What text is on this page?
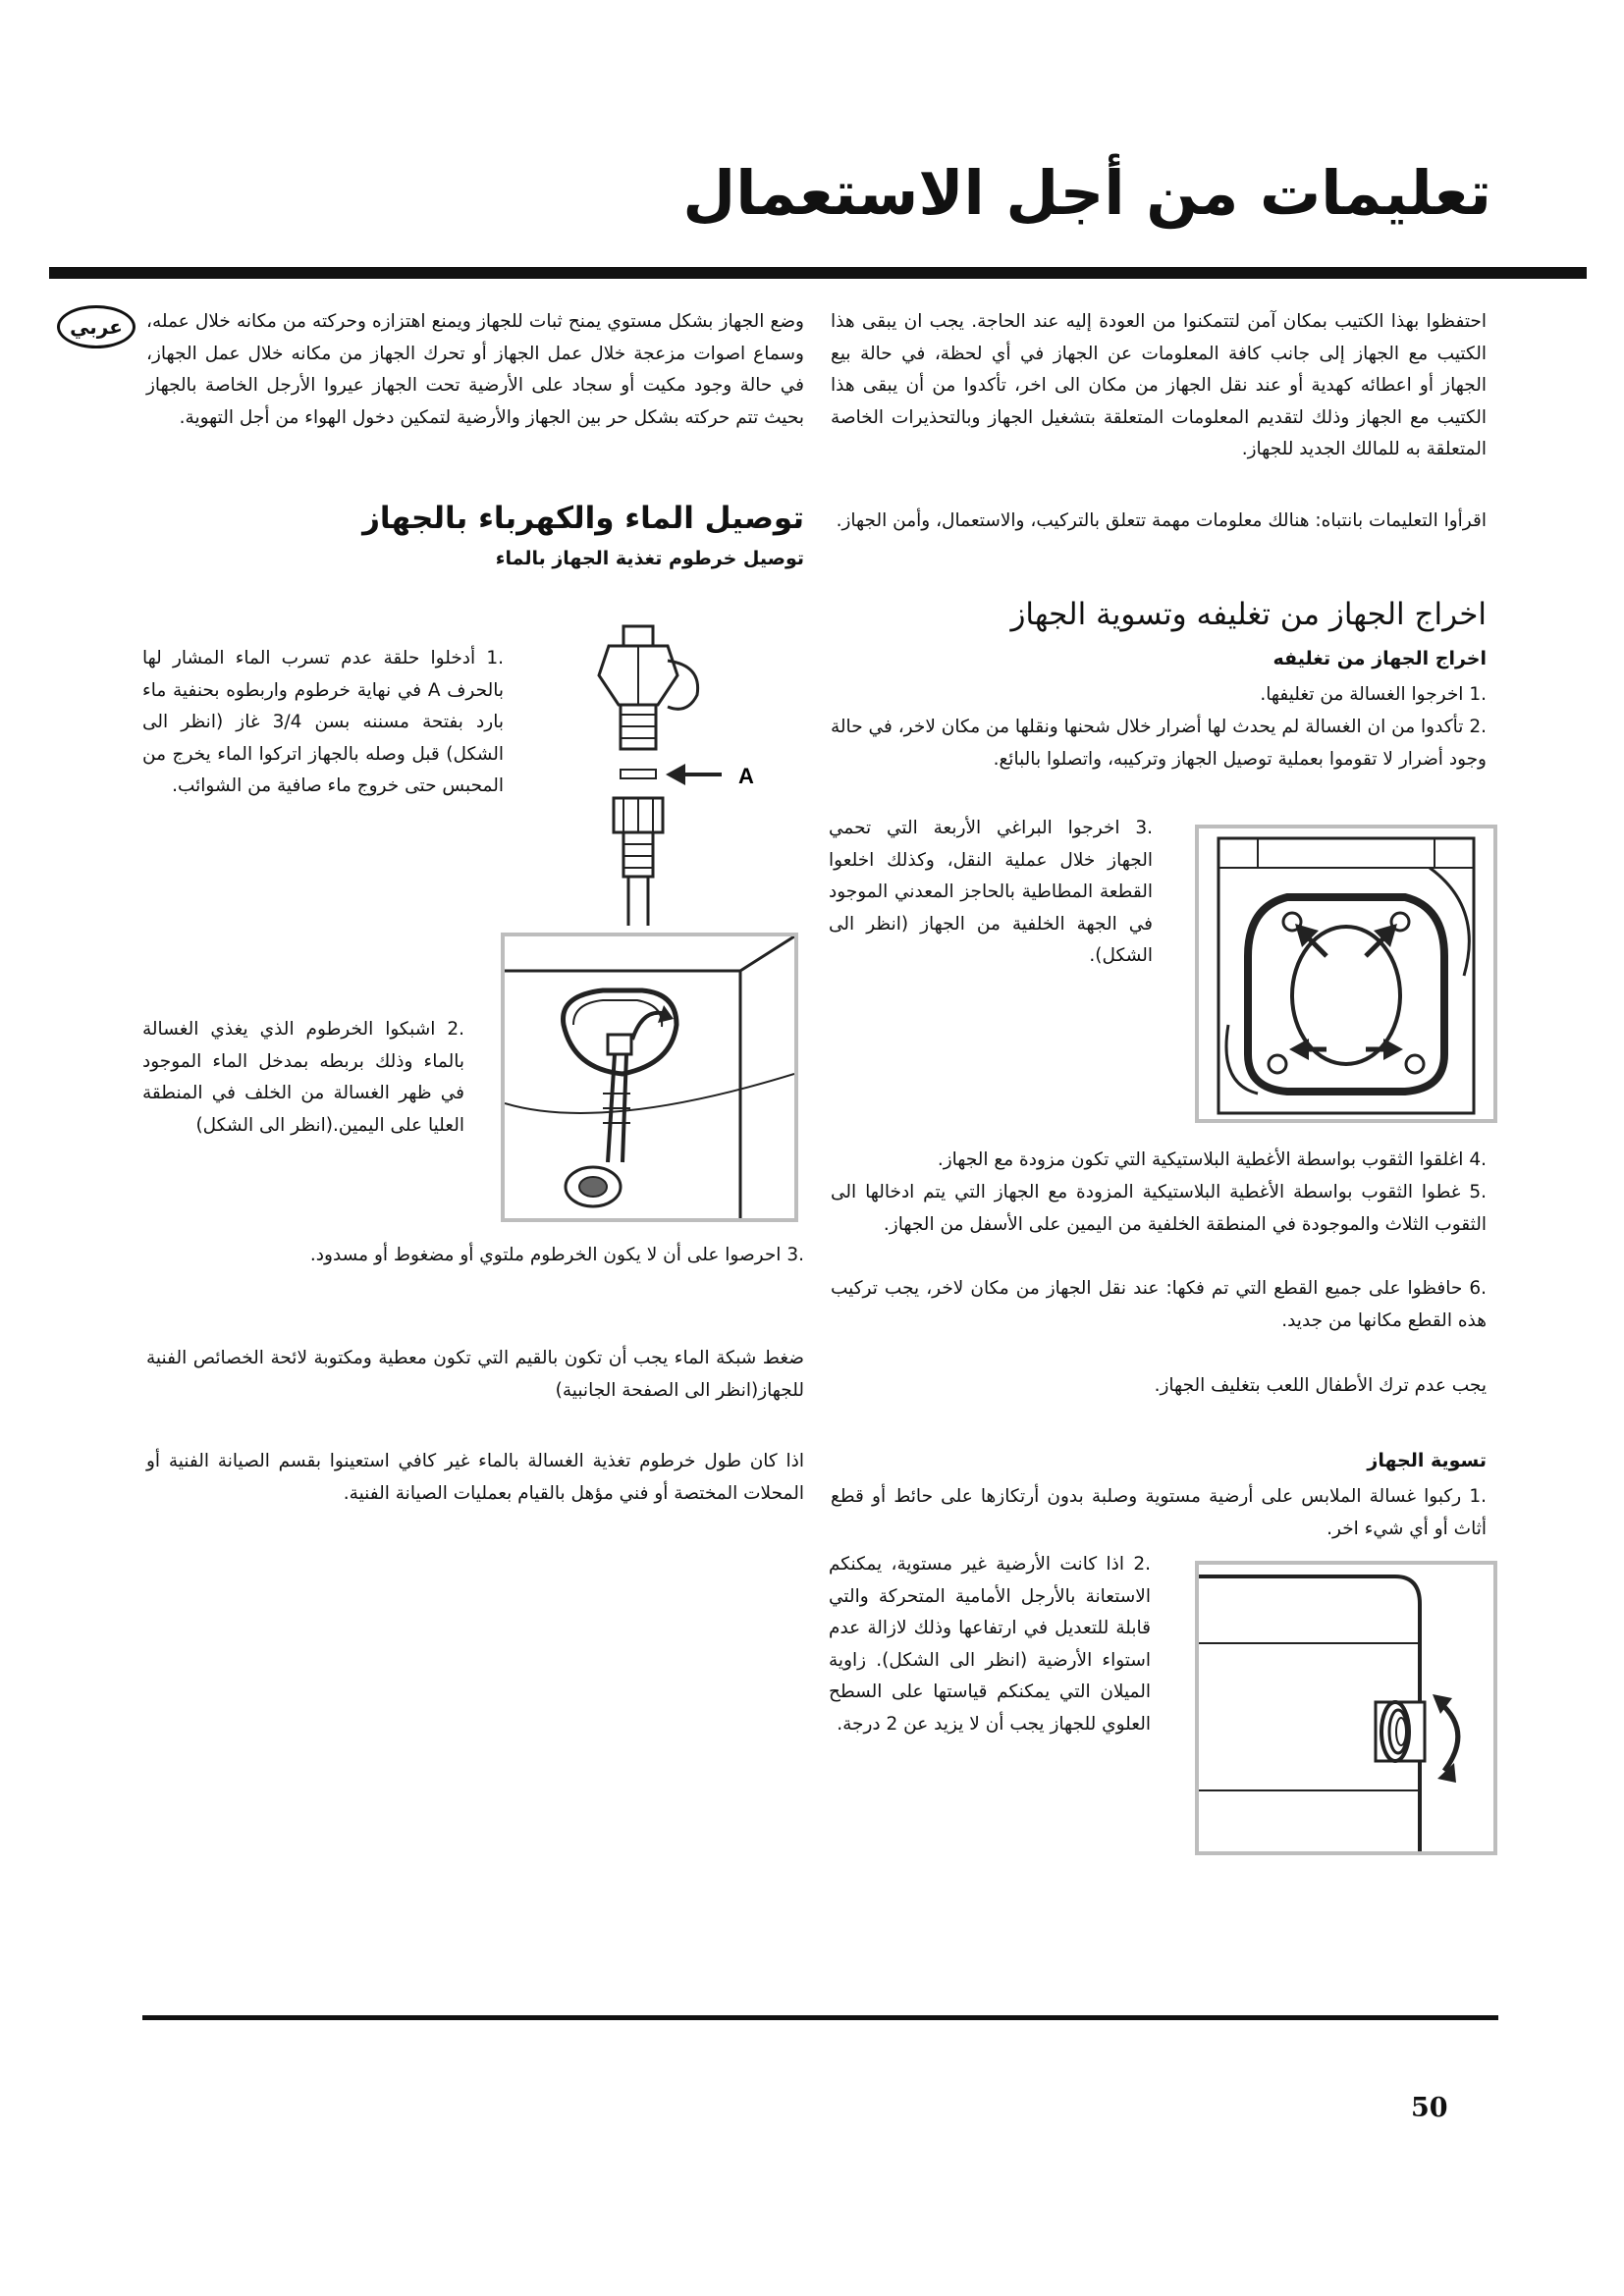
تعليمات من أجل الاستعمال

احتفظوا بهذا الكتيب بمكان آمن لتتمكنوا من العودة إليه عند الحاجة. يجب ان يبقى هذا الكتيب مع الجهاز إلى جانب كافة المعلومات عن الجهاز في أي لحظة، في حالة بيع الجهاز أو اعطائه كهدية أو عند نقل الجهاز من مكان الى اخر، تأكدوا من أن يبقى هذا الكتيب مع الجهاز وذلك لتقديم المعلومات المتعلقة بتشغيل الجهاز وبالتحذيرات الخاصة المتعلقة به للمالك الجديد للجهاز.

اقرأوا التعليمات بانتباه: هنالك معلومات مهمة تتعلق بالتركيب، والاستعمال، وأمن الجهاز.

اخراج الجهاز من تغليفه وتسوية الجهاز
اخراج الجهاز من تغليفه

.1 اخرجوا الغسالة من تغليفها.

.2 تأكدوا من ان الغسالة لم يحدث لها أضرار خلال شحنها ونقلها من مكان لاخر، في حالة وجود أضرار لا تقوموا بعملية توصيل الجهاز وتركيبه، واتصلوا بالبائع.

.3 اخرجوا البراغي الأربعة التي تحمي الجهاز خلال عملية النقل، وكذلك اخلعوا القطعة المطاطية بالحاجز المعدني الموجود في الجهة الخلفية من الجهاز (انظر الى الشكل).

.4 اغلقوا الثقوب بواسطة الأغطية البلاستيكية التي تكون مزودة مع الجهاز.

.5 غطوا الثقوب بواسطة الأغطية البلاستيكية المزودة مع الجهاز التي يتم ادخالها الى الثقوب الثلاث والموجودة في المنطقة الخلفية من اليمين على الأسفل من الجهاز.

.6 حافظوا على جميع القطع التي تم فكها: عند نقل الجهاز من مكان لاخر، يجب تركيب هذه القطع مكانها من جديد.

يجب عدم ترك الأطفال اللعب بتغليف الجهاز.

تسوية الجهاز

.1 ركبوا غسالة الملابس على أرضية مستوية وصلبة بدون أرتكازها على حائط أو قطع أثاث أو أي شيء اخر.

.2 اذا كانت الأرضية غير مستوية، يمكنكم الاستعانة بالأرجل الأمامية المتحركة والتي قابلة للتعديل في ارتفاعها وذلك لازالة عدم استواء الأرضية (انظر الى الشكل). زاوية الميلان التي يمكنكم قياستها على السطح العلوي للجهاز يجب أن لا يزيد عن 2 درجة.

عربي	وضع الجهاز بشكل مستوي يمنح ثبات للجهاز ويمنع اهتزازه وحركته من مكانه خلال عمله، وسماع اصوات مزعجة خلال عمل الجهاز أو تحرك الجهاز من مكانه خلال عمل الجهاز، في حالة وجود مكيت أو سجاد على الأرضية تحت الجهاز عيروا الأرجل الخاصة بالجهاز بحيث تتم حركته بشكل حر بين الجهاز والأرضية لتمكين دخول الهواء من أجل التهوية.

توصيل الماء والكهرباء بالجهاز
توصيل خرطوم تغذية الجهاز بالماء

.1 أدخلوا حلقة عدم تسرب الماء المشار لها بالحرف A في نهاية خرطوم واربطوه بحنفية ماء بارد بفتحة مسننه بسن 3/4 غاز (انظر الى الشكل) قبل وصله بالجهاز اتركوا الماء يخرج من المحبس حتى خروج ماء صافية من الشوائب.	A

.2 اشبكوا الخرطوم الذي يغذي الغسالة بالماء وذلك بربطه بمدخل الماء الموجود في ظهر الغسالة من الخلف في المنطقة العليا على اليمين.(انظر الى الشكل)

.3 احرصوا على أن لا يكون الخرطوم ملتوي أو مضغوط أو مسدود.

ضغط شبكة الماء يجب أن تكون بالقيم التي تكون معطية ومكتوبة لائحة الخصائص الفنية للجهاز(انظر الى الصفحة الجانبية)

اذا كان طول خرطوم تغذية الغسالة بالماء غير كافي استعينوا بقسم الصيانة الفنية أو المحلات المختصة أو فني مؤهل بالقيام بعمليات الصيانة الفنية.

50
